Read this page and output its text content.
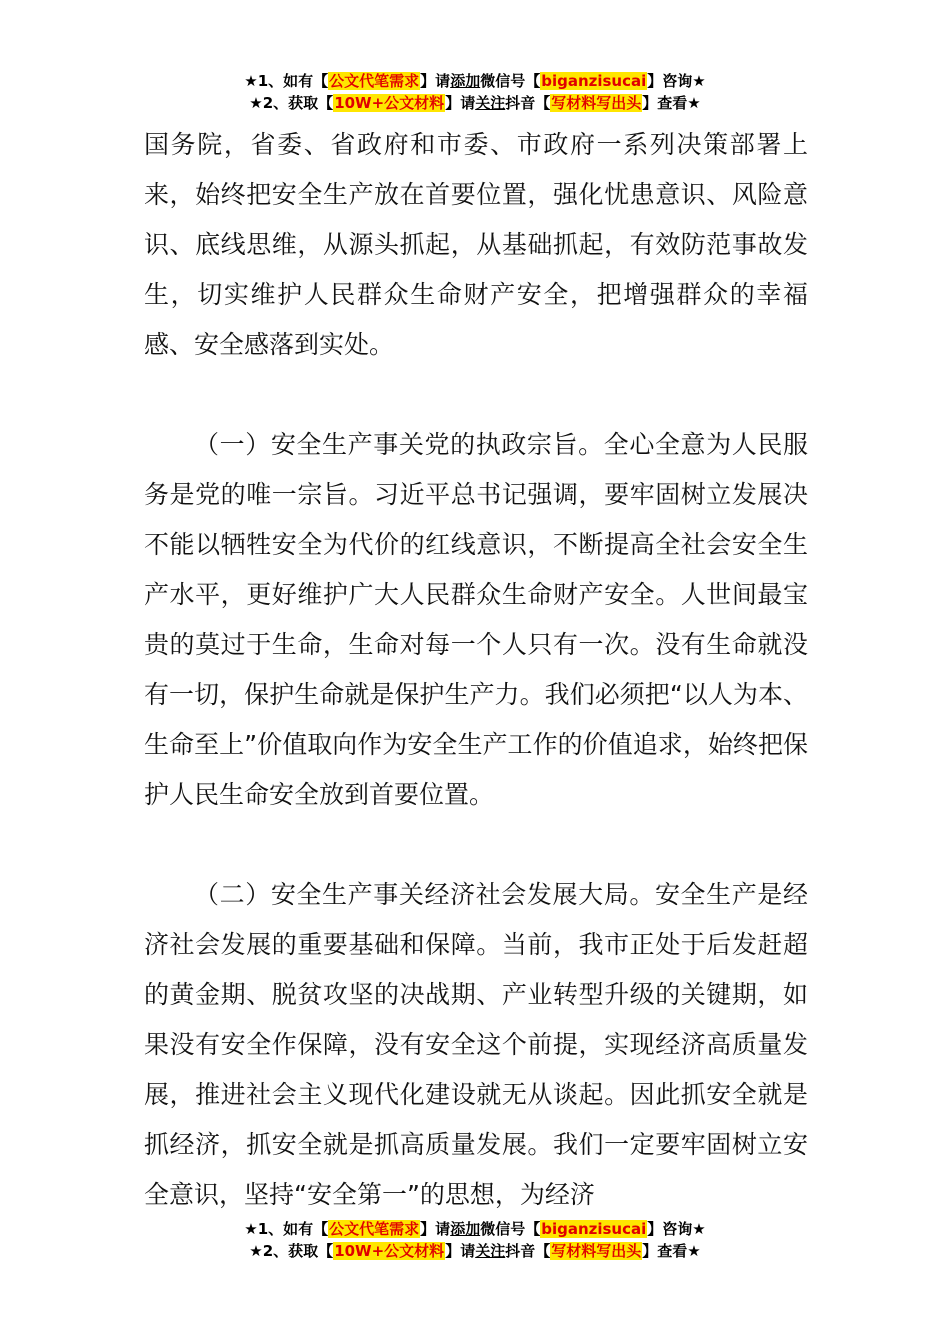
★1、如有【公文代笔需求】请添加微信号【biganzisucai】咨询★
★2、获取【10W+公文材料】请关注抖音【写材料写出头】查看★

国务院，省委、省政府和市委、市政府一系列决策部署上来，始终把安全生产放在首要位置，强化忧患意识、风险意识、底线思维，从源头抓起，从基础抓起，有效防范事故发生，切实维护人民群众生命财产安全，把增强群众的幸福感、安全感落到实处。

（一）安全生产事关党的执政宗旨。全心全意为人民服务是党的唯一宗旨。习近平总书记强调，要牢固树立发展决不能以牺牲安全为代价的红线意识，不断提高全社会安全生产水平，更好维护广大人民群众生命财产安全。人世间最宝贵的莫过于生命，生命对每一个人只有一次。没有生命就没有一切，保护生命就是保护生产力。我们必须把“以人为本、生命至上”价值取向作为安全生产工作的价值追求，始终把保护人民生命安全放到首要位置。

（二）安全生产事关经济社会发展大局。安全生产是经济社会发展的重要基础和保障。当前，我市正处于后发赶超的黄金期、脱贫攻坚的决战期、产业转型升级的关键期，如果没有安全作保障，没有安全这个前提，实现经济高质量发展，推进社会主义现代化建设就无从谈起。因此抓安全就是抓经济，抓安全就是抓高质量发展。我们一定要牢固树立安全意识，坚持“安全第一”的思想，为经济

★1、如有【公文代笔需求】请添加微信号【biganzisucai】咨询★
★2、获取【10W+公文材料】请关注抖音【写材料写出头】查看★
